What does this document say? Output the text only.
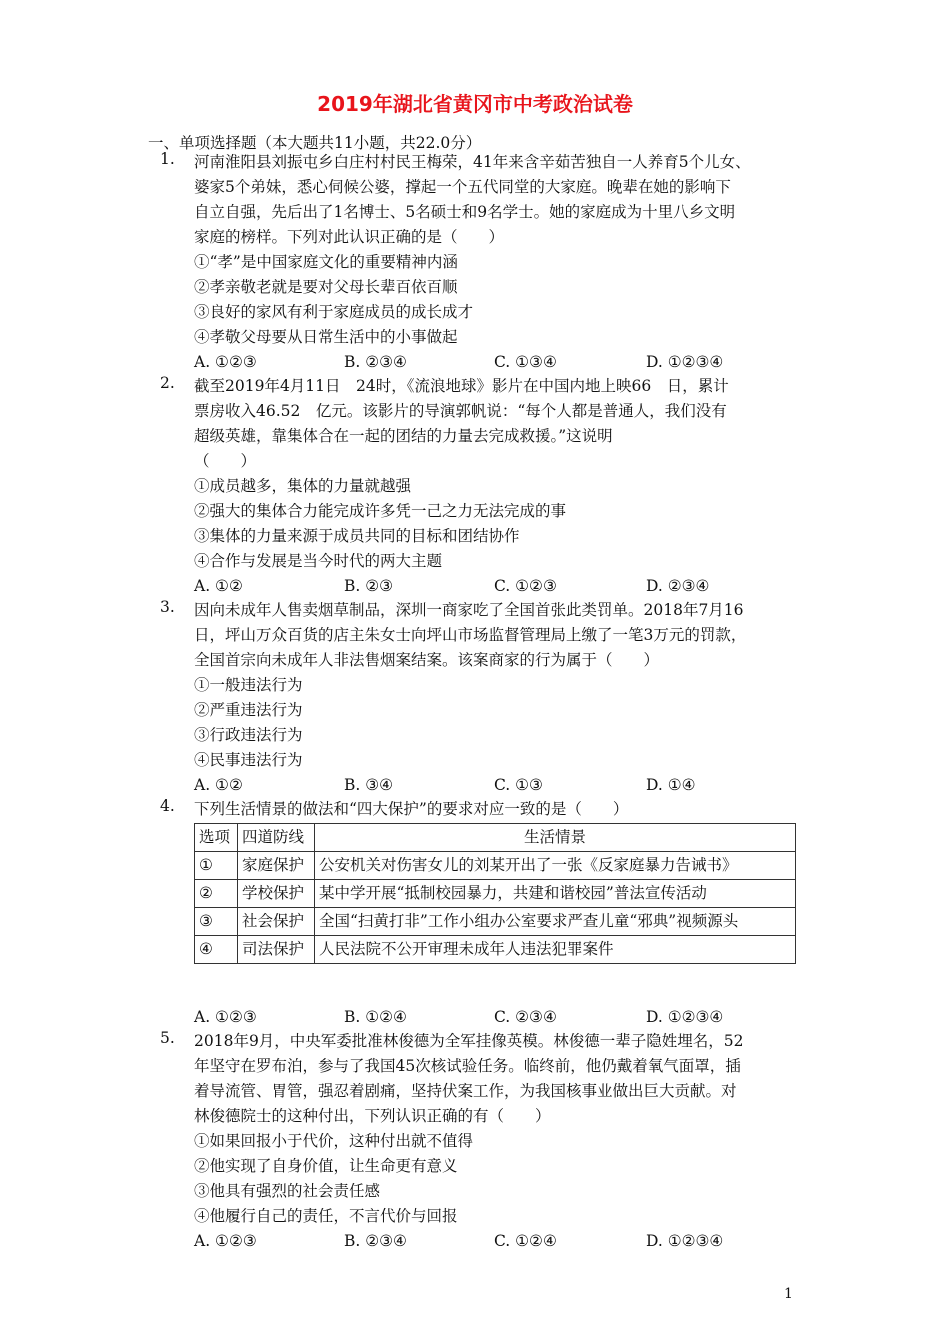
2019年湖北省黄冈市中考政治试卷
一、单项选择题（本大题共11小题，共22.0分）
1. 河南淮阳县刘振屯乡白庄村村民王梅荣，41年来含辛茹苦独自一人养育5个儿女、
婆家5个弟妹，悉心伺候公婆，撑起一个五代同堂的大家庭。晚辈在她的影响下
自立自强，先后出了1名博士、5名硕士和9名学士。她的家庭成为十里八乡文明
家庭的榜样。下列对此认识正确的是（　　）
①“孝”是中国家庭文化的重要精神内涵
②孝亲敬老就是要对父母长辈百依百顺
③良好的家风有利于家庭成员的成长成才
④孝敬父母要从日常生活中的小事做起
A. ①②③	B. ②③④	C. ①③④	D. ①②③④
2. 截至2019年4月11日　24时，《流浪地球》影片在中国内地上映66　日，累计
票房收入46.52　亿元。该影片的导演郭帆说：“每个人都是普通人，我们没有
超级英雄，靠集体合在一起的团结的力量去完成救援。”这说明
（　　）
①成员越多，集体的力量就越强
②强大的集体合力能完成许多凭一己之力无法完成的事
③集体的力量来源于成员共同的目标和团结协作
④合作与发展是当今时代的两大主题
A. ①②	B. ②③	C. ①②③	D. ②③④
3. 因向未成年人售卖烟草制品，深圳一商家吃了全国首张此类罚单。2018年7月16
日，坪山万众百货的店主朱女士向坪山市场监督管理局上缴了一笔3万元的罚款，
全国首宗向未成年人非法售烟案结案。该案商家的行为属于（　　）
①一般违法行为
②严重违法行为
③行政违法行为
④民事违法行为
A. ①②	B. ③④	C. ①③	D. ①④
4. 下列生活情景的做法和“四大保护”的要求对应一致的是（　　）
选项	四道防线	生活情景
①	家庭保护	公安机关对伤害女儿的刘某开出了一张《反家庭暴力告诫书》
②	学校保护	某中学开展“抵制校园暴力，共建和谐校园”普法宣传活动
③	社会保护	全国“扫黄打非”工作小组办公室要求严查儿童“邪典”视频源头
④	司法保护	人民法院不公开审理未成年人违法犯罪案件
A. ①②③	B. ①②④	C. ②③④	D. ①②③④
5. 2018年9月，中央军委批准林俊德为全军挂像英模。林俊德一辈子隐姓埋名，52
年坚守在罗布泊，参与了我国45次核试验任务。临终前，他仍戴着氧气面罩，插
着导流管、胃管，强忍着剧痛，坚持伏案工作，为我国核事业做出巨大贡献。对
林俊德院士的这种付出，下列认识正确的有（　　）
①如果回报小于代价，这种付出就不值得
②他实现了自身价值，让生命更有意义
③他具有强烈的社会责任感
④他履行自己的责任，不言代价与回报
A. ①②③	B. ②③④	C. ①②④	D. ①②③④
1
